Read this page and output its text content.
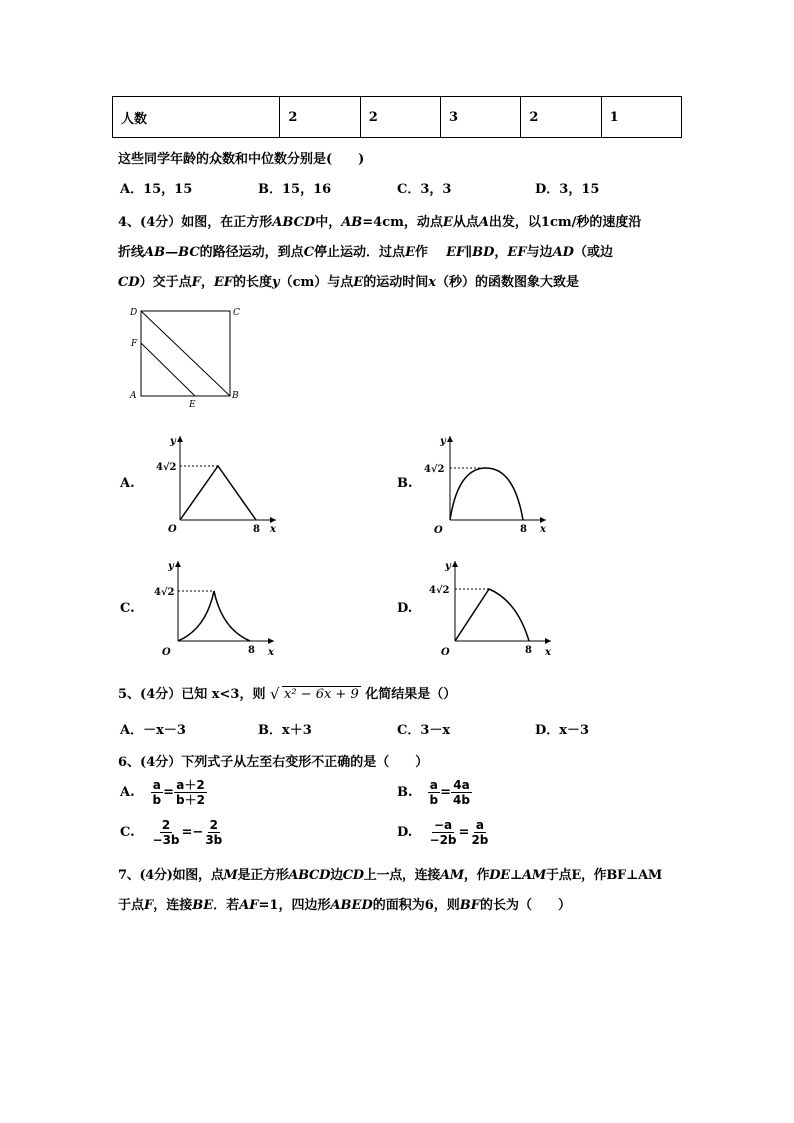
人数	2	2	3	2	1
这些同学年龄的众数和中位数分别是(　　)
A．15，15	B．15，16	C．3，3	D．3，15
4、(4分）如图，在正方形ABCD中，AB=4cm，动点E从点A出发，以1cm/秒的速度沿
折线AB—BC的路径运动，到点C停止运动．过点E作 EF∥BD，EF与边AD（或边
CD）交于点F，EF的长度y（cm）与点E的运动时间x（秒）的函数图象大致是
D	C
F
A
E
B
A.	B.
C.	D.
y
x
O	8
4√2
y
x
O	8
4√2
y
x
O	8
4√2
y
x
O	8
4√2
5、(4分）已知 x<3，则 √ x² − 6x + 9 化简结果是（）
A．－x－3	B．x＋3	C．3－x	D．x－3
6、(4分）下列式子从左至右变形不正确的是（　　）
A. $\frac{a}{b} = \frac{a+2}{b+2}$	B. $\frac{a}{b} = \frac{4a}{4b}$
C. $\frac{2}{-3b} =- \frac{2}{3b}$	D. $\frac{-a}{-2b} = \frac{a}{2b}$
7、(4分)如图，点M是正方形ABCD边CD上一点，连接AM，作DE⊥AM于点E，作BF⊥AM
于点F，连接BE．若AF=1，四边形ABED的面积为6，则BF的长为（　　）
